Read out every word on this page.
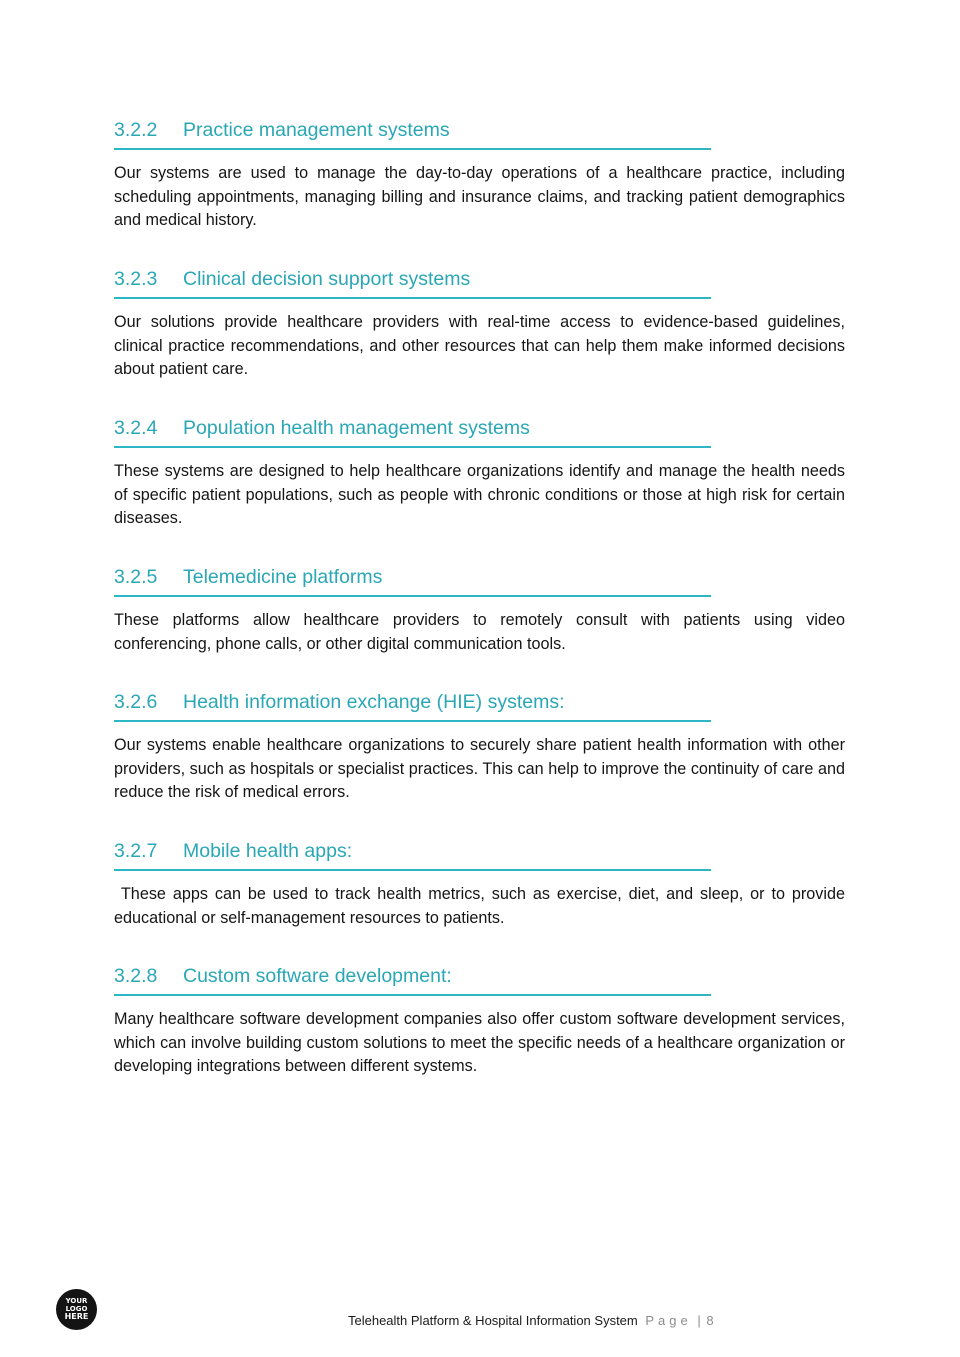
3.2.2 Practice management systems
Our systems are used to manage the day-to-day operations of a healthcare practice, including scheduling appointments, managing billing and insurance claims, and tracking patient demographics and medical history.
3.2.3 Clinical decision support systems
Our solutions provide healthcare providers with real-time access to evidence-based guidelines, clinical practice recommendations, and other resources that can help them make informed decisions about patient care.
3.2.4 Population health management systems
These systems are designed to help healthcare organizations identify and manage the health needs of specific patient populations, such as people with chronic conditions or those at high risk for certain diseases.
3.2.5 Telemedicine platforms
These platforms allow healthcare providers to remotely consult with patients using video conferencing, phone calls, or other digital communication tools.
3.2.6 Health information exchange (HIE) systems:
Our systems enable healthcare organizations to securely share patient health information with other providers, such as hospitals or specialist practices. This can help to improve the continuity of care and reduce the risk of medical errors.
3.2.7 Mobile health apps:
These apps can be used to track health metrics, such as exercise, diet, and sleep, or to provide educational or self-management resources to patients.
3.2.8 Custom software development:
Many healthcare software development companies also offer custom software development services, which can involve building custom solutions to meet the specific needs of a healthcare organization or developing integrations between different systems.
YOUR
LOGO
HERE	Telehealth Platform & Hospital Information System Page | 8
